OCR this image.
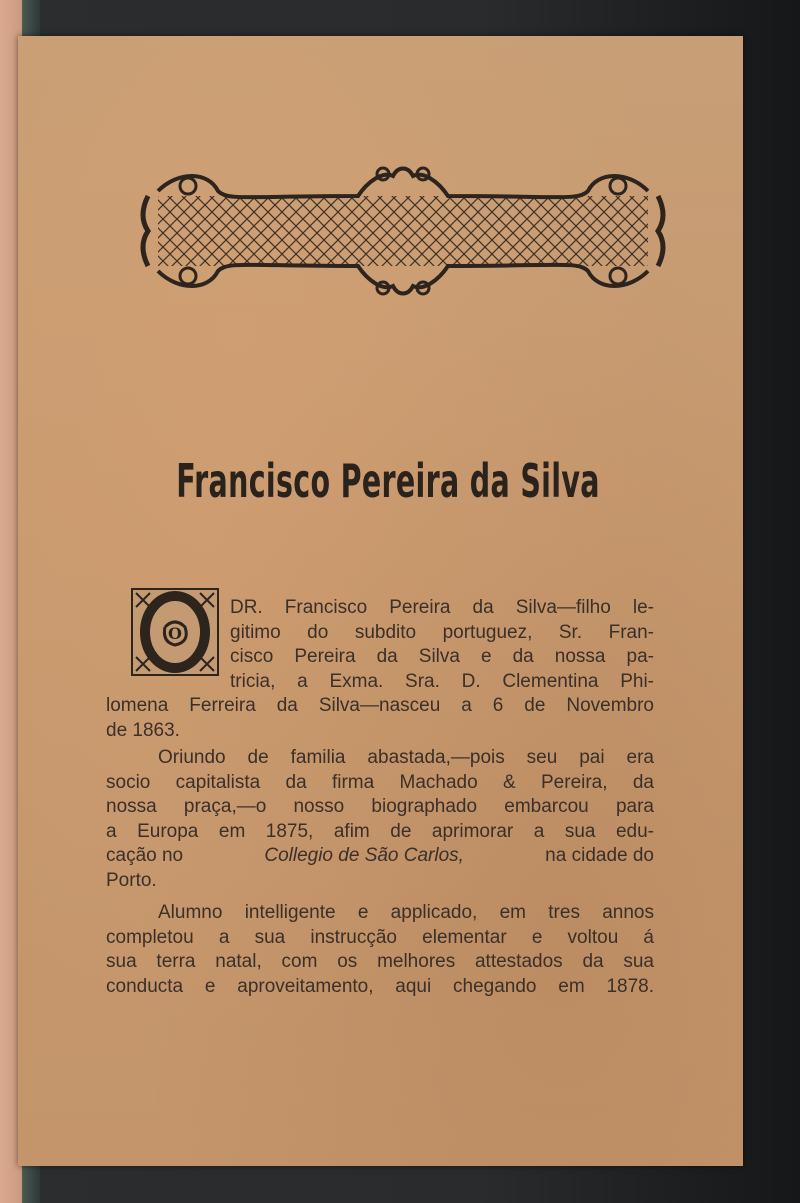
Francisco Pereira da Silva
O
DR. Francisco Pereira da Silva—filho le-
gitimo do subdito portuguez, Sr. Fran-
cisco Pereira da Silva e da nossa pa-
tricia, a Exma. Sra. D. Clementina Phi-
lomena Ferreira da Silva—nasceu a 6 de Novembro
de 1863.
Oriundo de familia abastada,—pois seu pai era
socio capitalista da firma Machado & Pereira, da
nossa praça,—o nosso biographado embarcou para
a Europa em 1875, afim de aprimorar a sua edu-
cação no	Collegio de São Carlos,	na cidade do
Porto.
Alumno intelligente e applicado, em tres annos
completou a sua instrucção elementar e voltou á
sua terra natal, com os melhores attestados da sua
conducta e aproveitamento, aqui chegando em 1878.
